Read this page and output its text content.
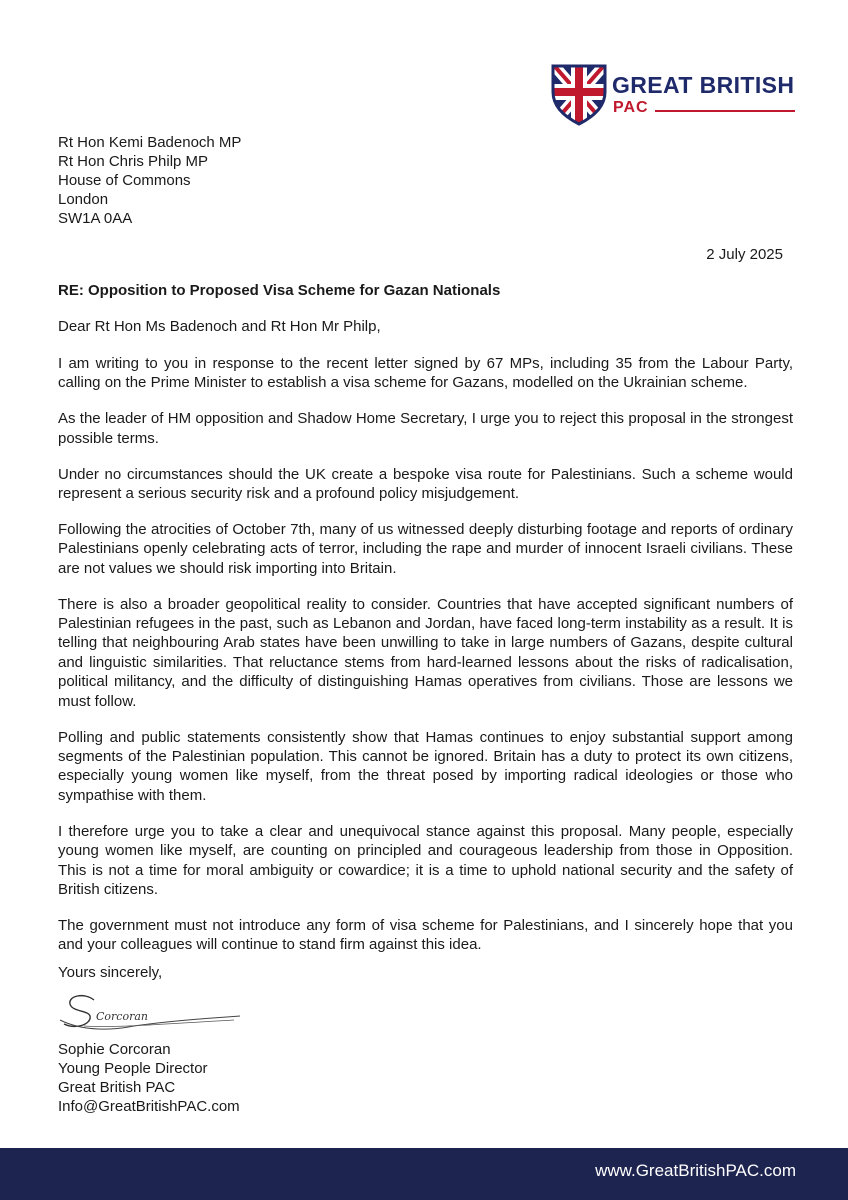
GREAT BRITISH
PAC
Rt Hon Kemi Badenoch MP
Rt Hon Chris Philp MP
House of Commons
London
SW1A 0AA
2 July 2025
RE: Opposition to Proposed Visa Scheme for Gazan Nationals
Dear Rt Hon Ms Badenoch and Rt Hon Mr Philp,

I am writing to you in response to the recent letter signed by 67 MPs, including 35 from the Labour Party, calling on the Prime Minister to establish a visa scheme for Gazans, modelled on the Ukrainian scheme.

As the leader of HM opposition and Shadow Home Secretary, I urge you to reject this proposal in the strongest possible terms.

Under no circumstances should the UK create a bespoke visa route for Palestinians. Such a scheme would represent a serious security risk and a profound policy misjudgement.

Following the atrocities of October 7th, many of us witnessed deeply disturbing footage and reports of ordinary Palestinians openly celebrating acts of terror, including the rape and murder of innocent Israeli civilians. These are not values we should risk importing into Britain.

There is also a broader geopolitical reality to consider. Countries that have accepted significant numbers of Palestinian refugees in the past, such as Lebanon and Jordan, have faced long-term instability as a result. It is telling that neighbouring Arab states have been unwilling to take in large numbers of Gazans, despite cultural and linguistic similarities. That reluctance stems from hard-learned lessons about the risks of radicalisation, political militancy, and the difficulty of distinguishing Hamas operatives from civilians. Those are lessons we must follow.

Polling and public statements consistently show that Hamas continues to enjoy substantial support among segments of the Palestinian population. This cannot be ignored. Britain has a duty to protect its own citizens, especially young women like myself, from the threat posed by importing radical ideologies or those who sympathise with them.

I therefore urge you to take a clear and unequivocal stance against this proposal. Many people, especially young women like myself, are counting on principled and courageous leadership from those in Opposition. This is not a time for moral ambiguity or cowardice; it is a time to uphold national security and the safety of British citizens.

The government must not introduce any form of visa scheme for Palestinians, and I sincerely hope that you and your colleagues will continue to stand firm against this idea.

Yours sincerely,
Corcoran
Sophie Corcoran
Young People Director
Great British PAC
Info@GreatBritishPAC.com
www.GreatBritishPAC.com
